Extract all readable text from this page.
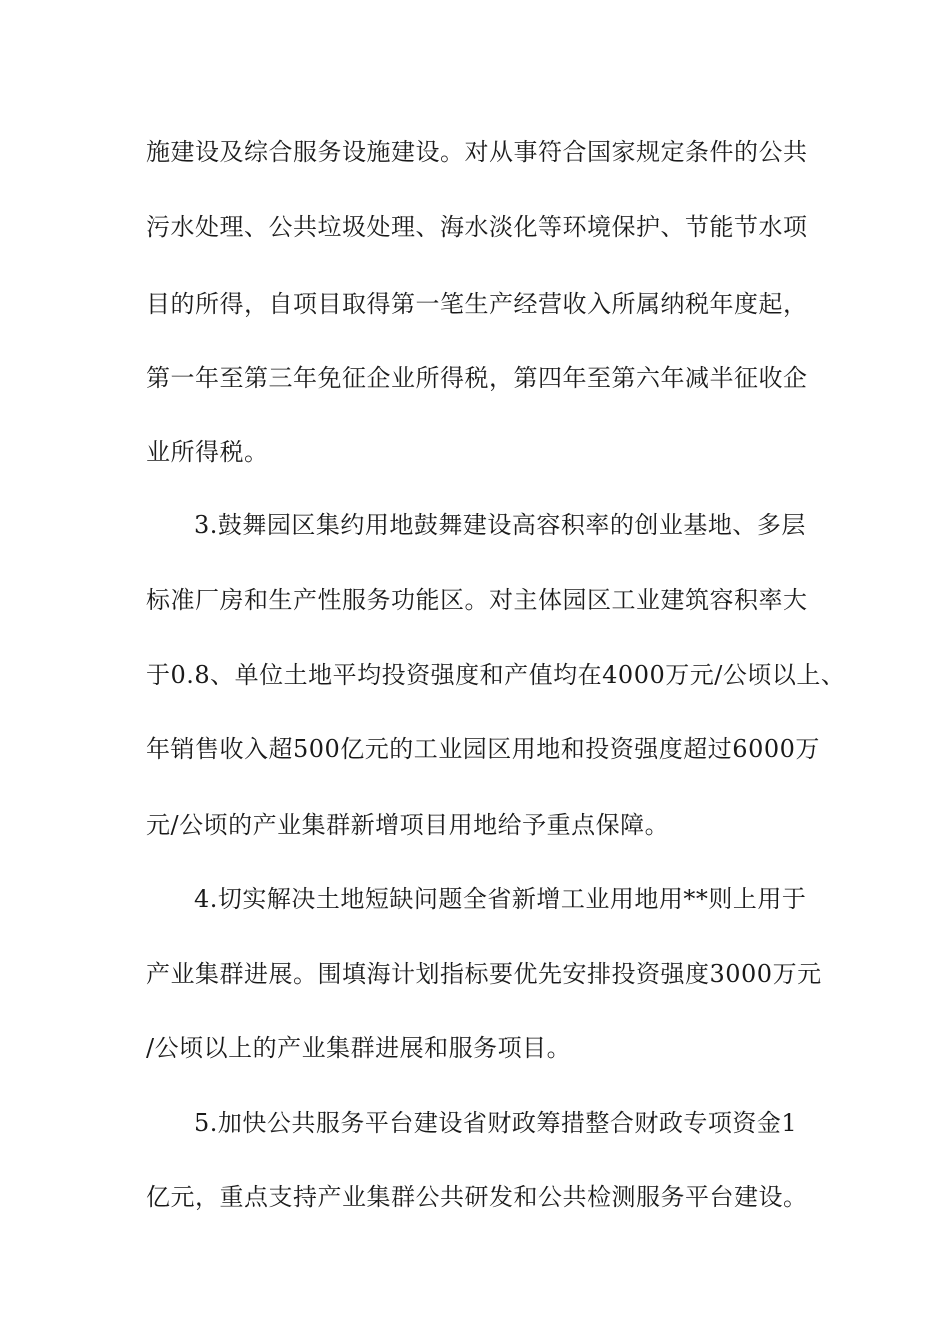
施建设及综合服务设施建设。对从事符合国家规定条件的公共
污水处理、公共垃圾处理、海水淡化等环境保护、节能节水项
目的所得，自项目取得第一笔生产经营收入所属纳税年度起，
第一年至第三年免征企业所得税，第四年至第六年减半征收企
业所得税。
3.鼓舞园区集约用地鼓舞建设高容积率的创业基地、多层
标准厂房和生产性服务功能区。对主体园区工业建筑容积率大
于0.8、单位土地平均投资强度和产值均在4000万元/公顷以上、
年销售收入超500亿元的工业园区用地和投资强度超过6000万
元/公顷的产业集群新增项目用地给予重点保障。
4.切实解决土地短缺问题全省新增工业用地用**则上用于
产业集群进展。围填海计划指标要优先安排投资强度3000万元
/公顷以上的产业集群进展和服务项目。
5.加快公共服务平台建设省财政筹措整合财政专项资金1
亿元，重点支持产业集群公共研发和公共检测服务平台建设。
